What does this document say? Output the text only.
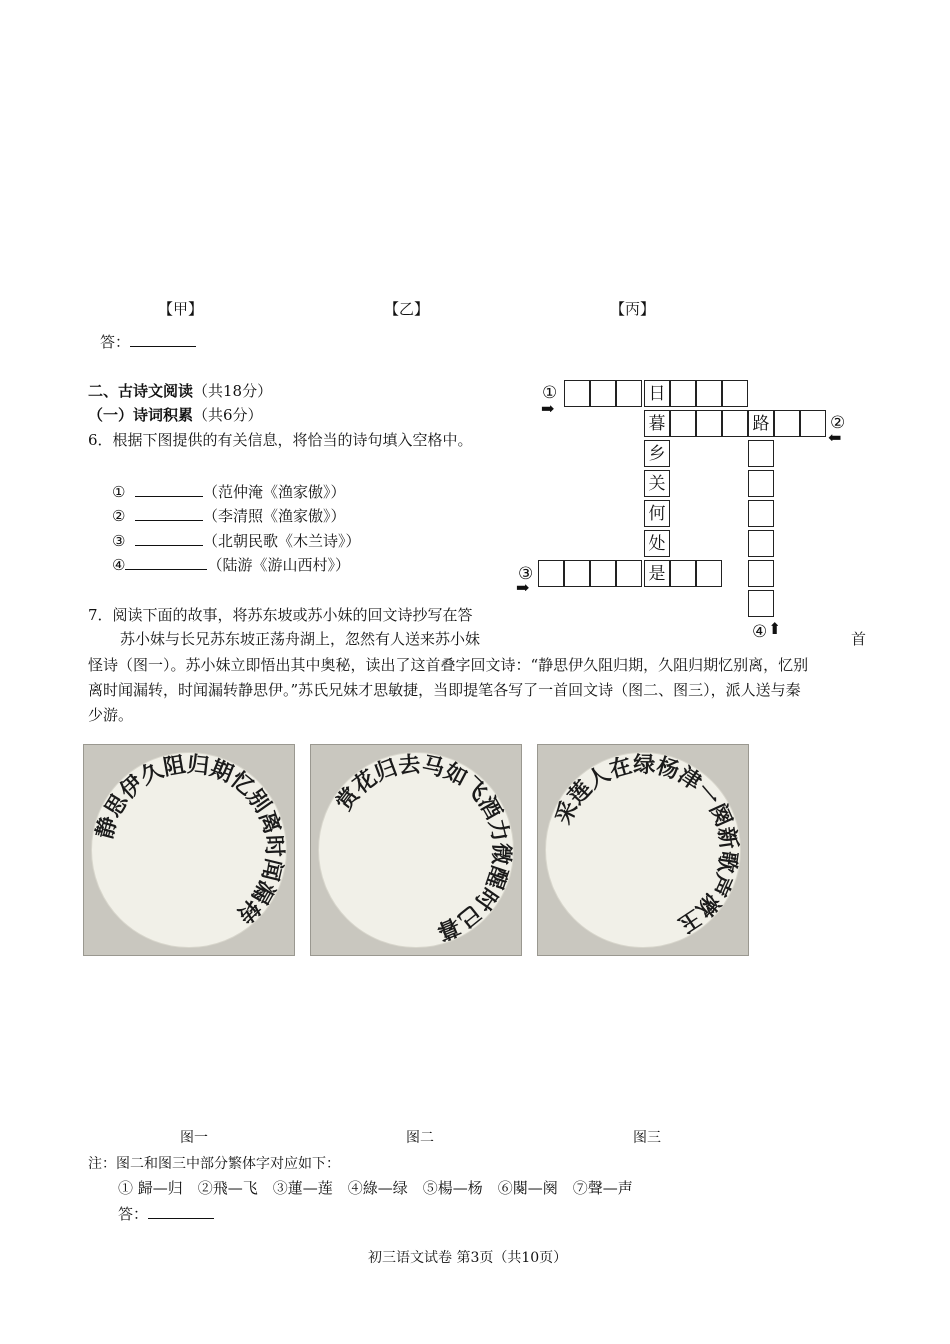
【甲】	【乙】	【丙】
答：
二、古诗文阅读（共18分）
（一）诗词积累（共6分）
6．根据下图提供的有关信息，将恰当的诗句填入空格中。
①	（范仲淹《渔家傲》）
②	（李清照《渔家傲》）
③	（北朝民歌《木兰诗》）
④	（陆游《游山西村》）
日
暮	路
乡
关
何
处
是
①
➡
②
⬅
③
➡
④ ⬆
7．阅读下面的故事，将苏东坡或苏小妹的回文诗抄写在答
苏小妹与长兄苏东坡正荡舟湖上，忽然有人送来苏小妹	首
怪诗（图一）。苏小妹立即悟出其中奥秘，读出了这首叠字回文诗：“静思伊久阻归期，久阻归期忆别离，忆别
离时闻漏转，时闻漏转静思伊。”苏氏兄妹才思敏捷，当即提笔各写了一首回文诗（图二、图三），派人送与秦
少游。
静思伊久阻归期忆别离时闻漏转

赏花归去马如飞酒力微醒时已暮
采莲人在绿杨津一阕新歌声漱玉
图一	图二	图三
注：图二和图三中部分繁体字对应如下：
① 歸—归　②飛—飞　③蓮—莲　④綠—绿　⑤楊—杨　⑥闋—阕　⑦聲—声
答：
初三语文试卷 第3页（共10页）
